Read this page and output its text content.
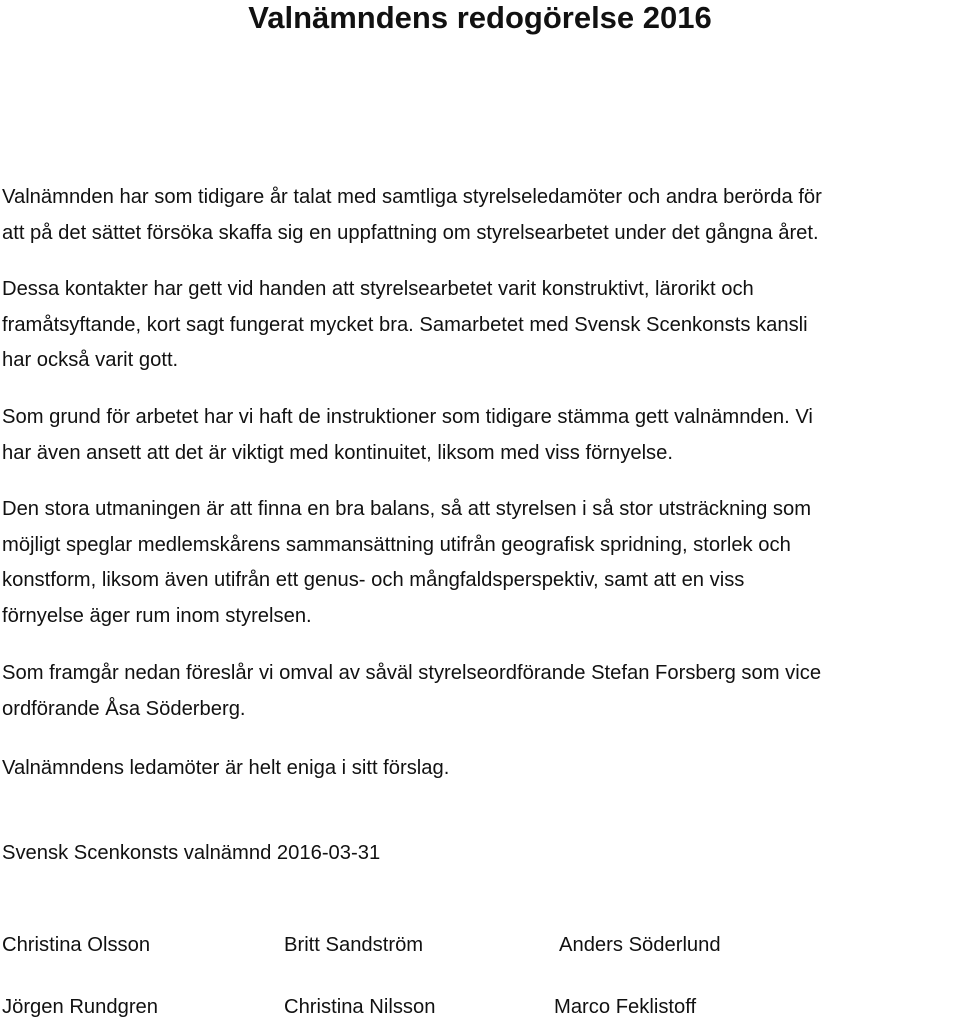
Valnämndens redogörelse 2016

Valnämnden har som tidigare år talat med samtliga styrelseledamöter och andra berörda för
att på det sättet försöka skaffa sig en uppfattning om styrelsearbetet under det gångna året.

Dessa kontakter har gett vid handen att styrelsearbetet varit konstruktivt, lärorikt och
framåtsyftande, kort sagt fungerat mycket bra. Samarbetet med Svensk Scenkonsts kansli
har också varit gott.

Som grund för arbetet har vi haft de instruktioner som tidigare stämma gett valnämnden. Vi
har även ansett att det är viktigt med kontinuitet, liksom med viss förnyelse.

Den stora utmaningen är att finna en bra balans, så att styrelsen i så stor utsträckning som
möjligt speglar medlemskårens sammansättning utifrån geografisk spridning, storlek och
konstform, liksom även utifrån ett genus- och mångfaldsperspektiv, samt att en viss
förnyelse äger rum inom styrelsen.

Som framgår nedan föreslår vi omval av såväl styrelseordförande Stefan Forsberg som vice
ordförande Åsa Söderberg.

Valnämndens ledamöter är helt eniga i sitt förslag.

Svensk Scenkonsts valnämnd 2016-03-31

Christina Olsson	Britt Sandström	Anders Söderlund

Jörgen Rundgren	Christina Nilsson	Marco Feklistoff
